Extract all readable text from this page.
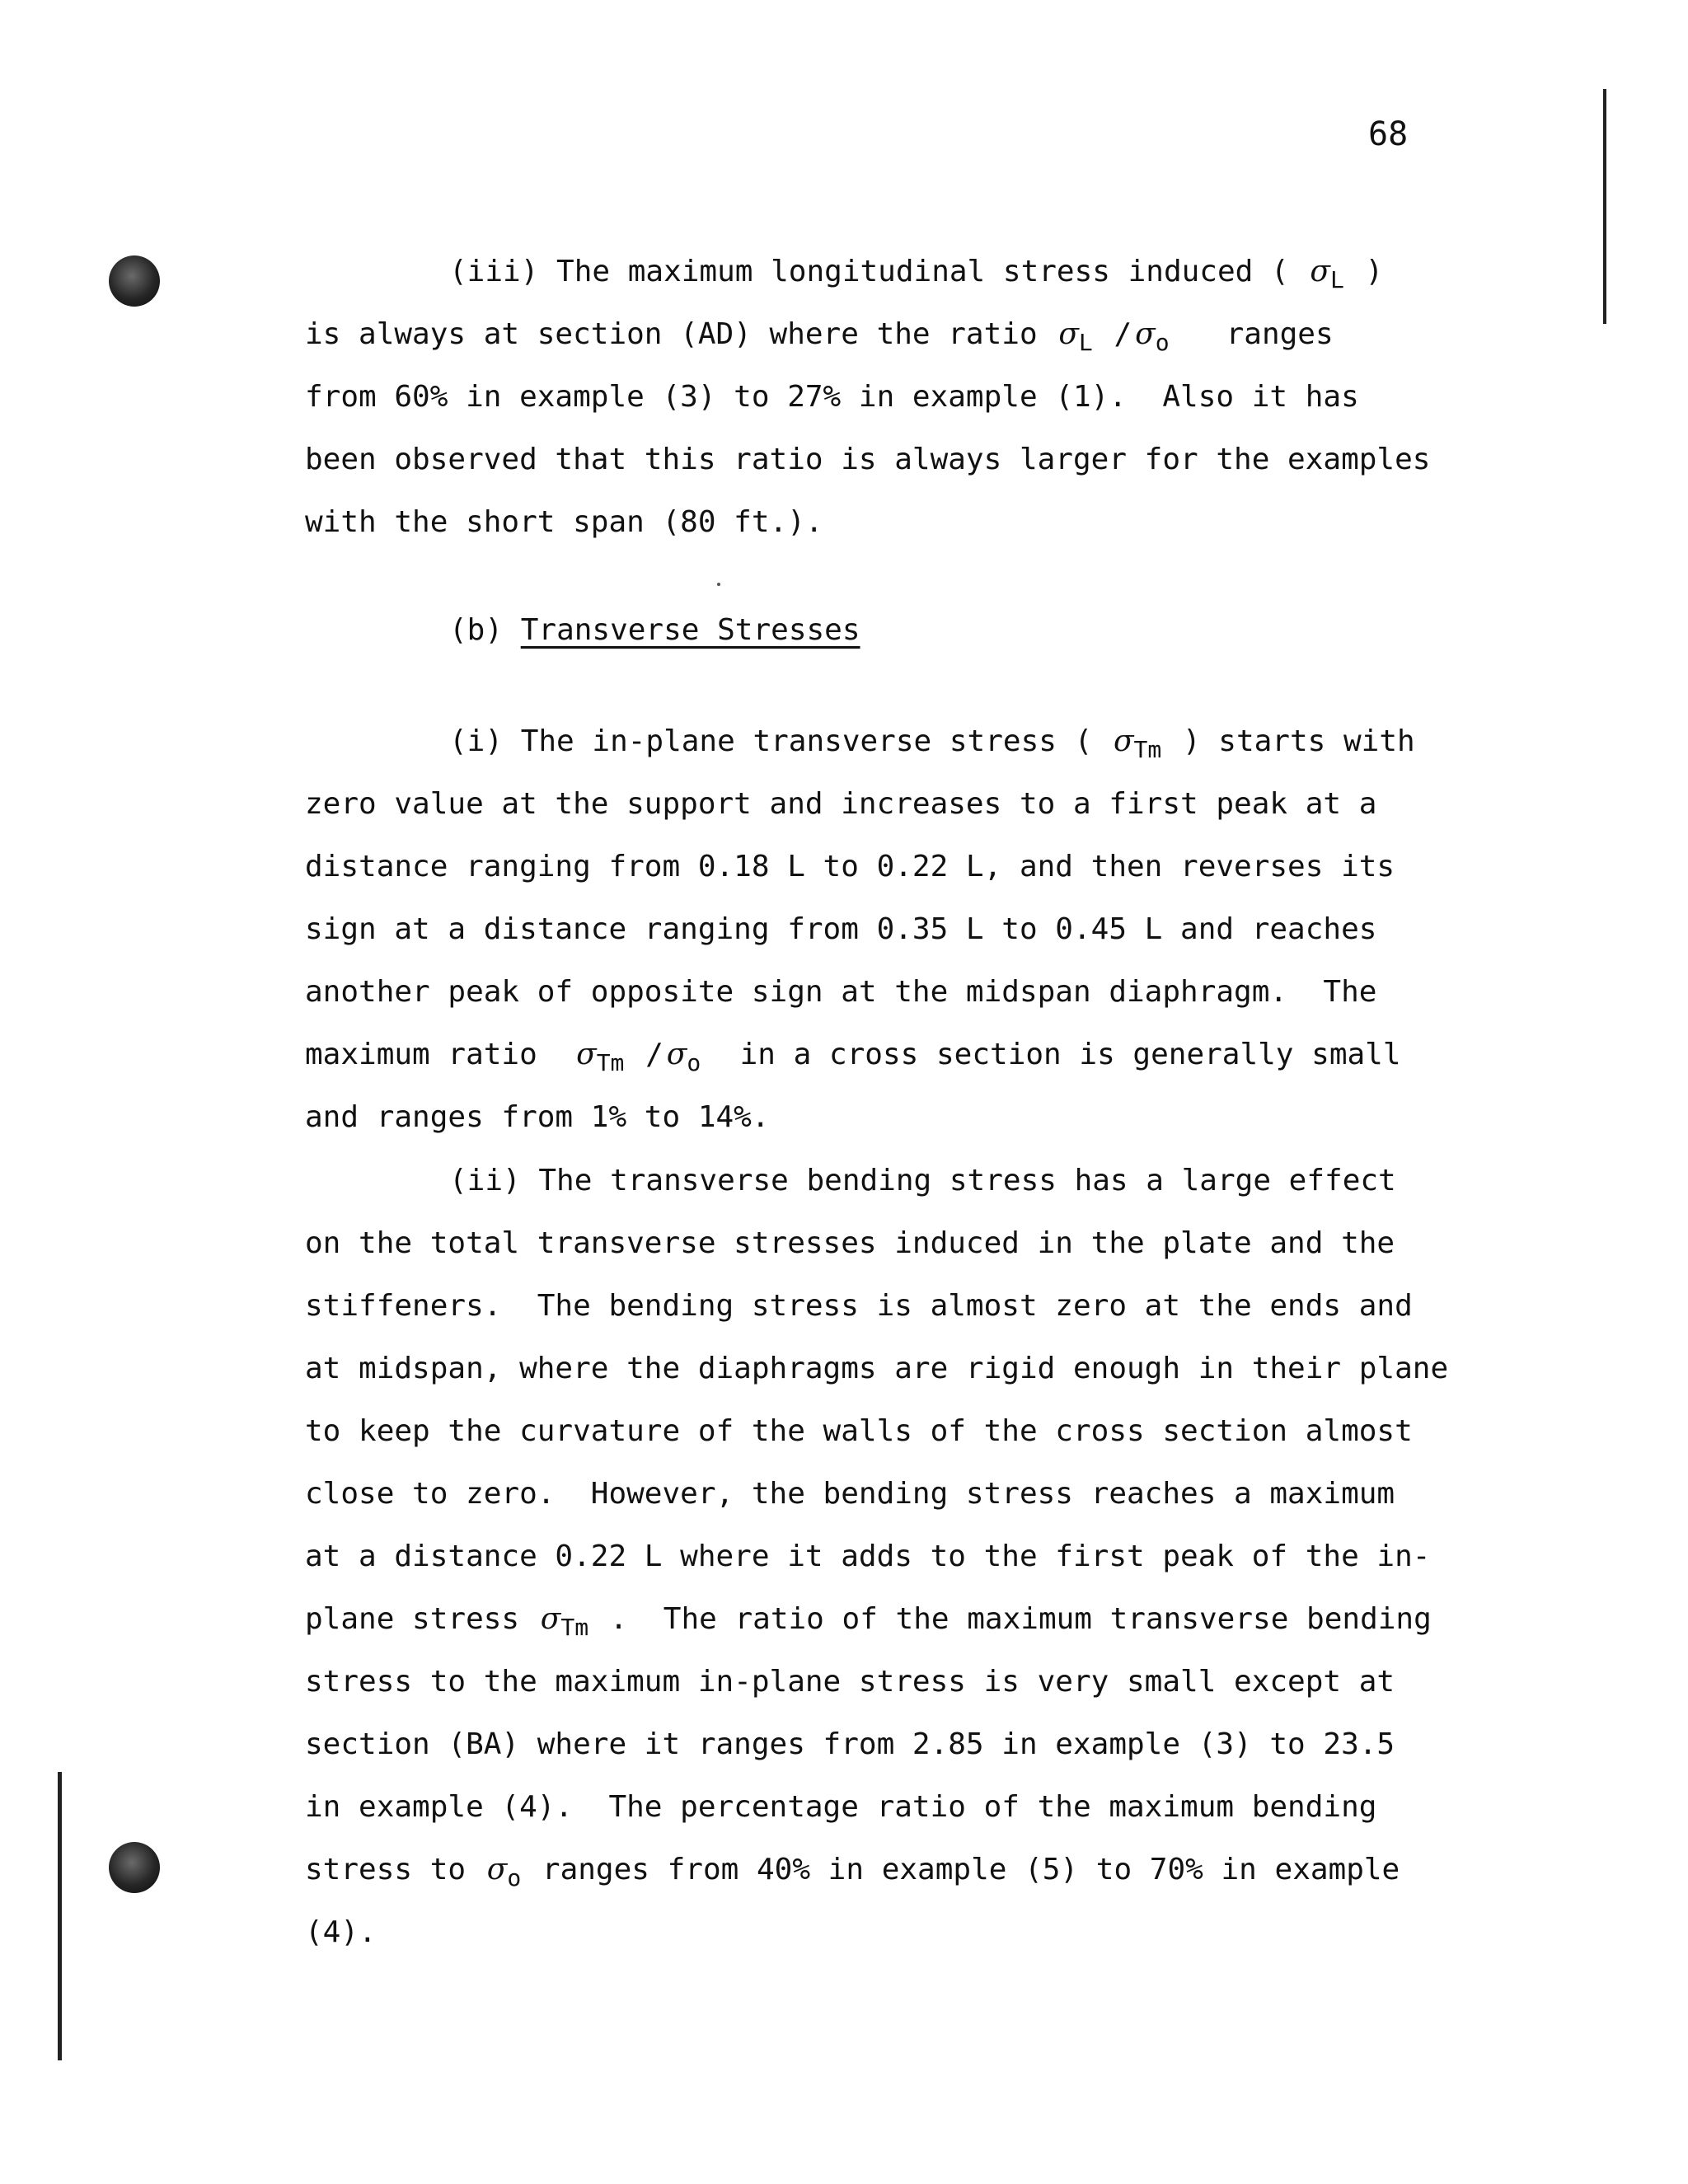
68
(iii) The maximum longitudinal stress induced ( $\sigma_L$ )
is always at section (AD) where the ratio $\sigma_L / \sigma_o$ ranges
from 60% in example (3) to 27% in example (1).  Also it has
been observed that this ratio is always larger for the examples
with the short span (80 ft.).
(b) Transverse Stresses
(i) The in-plane transverse stress ( $\sigma_{Tm}$ ) starts with
zero value at the support and increases to a first peak at a
distance ranging from 0.18 L to 0.22 L, and then reverses its
sign at a distance ranging from 0.35 L to 0.45 L and reaches
another peak of opposite sign at the midspan diaphragm.  The
maximum ratio $\sigma_{Tm} / \sigma_o$ in a cross section is generally small
and ranges from 1% to 14%.
(ii) The transverse bending stress has a large effect
on the total transverse stresses induced in the plate and the
stiffeners.  The bending stress is almost zero at the ends and
at midspan, where the diaphragms are rigid enough in their plane
to keep the curvature of the walls of the cross section almost
close to zero.  However, the bending stress reaches a maximum
at a distance 0.22 L where it adds to the first peak of the in-
plane stress $\sigma_{Tm}$ .  The ratio of the maximum transverse bending
stress to the maximum in-plane stress is very small except at
section (BA) where it ranges from 2.85 in example (3) to 23.5
in example (4).  The percentage ratio of the maximum bending
stress to $\sigma_o$ ranges from 40% in example (5) to 70% in example
(4).
